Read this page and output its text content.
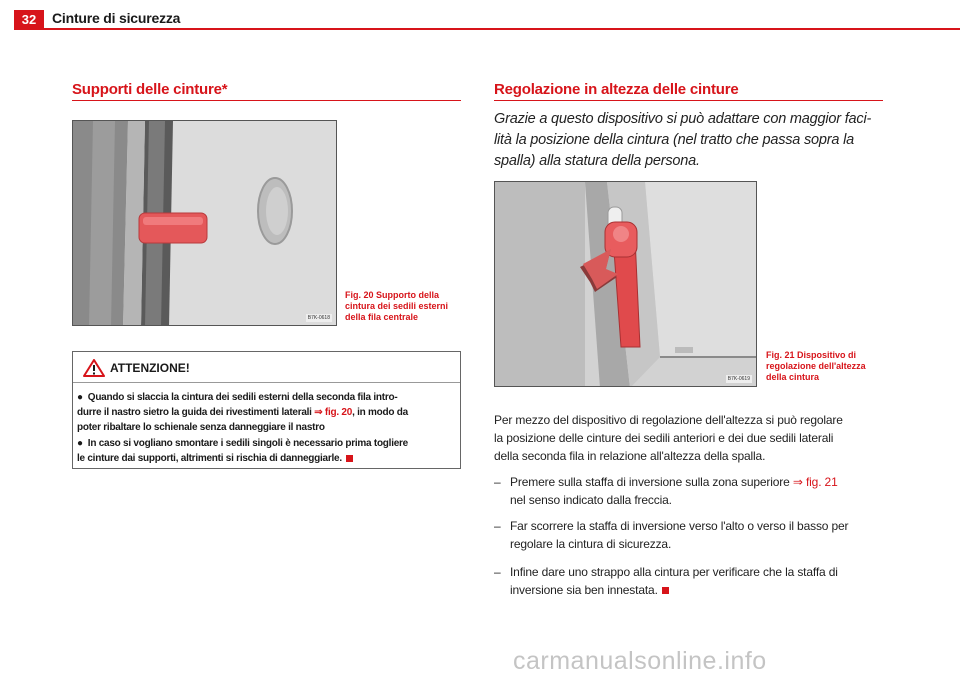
32	Cinture di sicurezza
Supporti delle cinture*
B7K-0618
Fig. 20 Supporto della
cintura dei sedili esterni
della fila centrale
ATTENZIONE!
● Quando si slaccia la cintura dei sedili esterni della seconda fila intro-
durre il nastro sietro la guida dei rivestimenti laterali ⇒ fig. 20, in modo da
poter ribaltare lo schienale senza danneggiare il nastro
● In caso si vogliano smontare i sedili singoli è necessario prima togliere
le cinture dai supporti, altrimenti si rischia di danneggiarle.
Regolazione in altezza delle cinture
Grazie a questo dispositivo si può adattare con maggior faci-
lità la posizione della cintura (nel tratto che passa sopra la
spalla) alla statura della persona.
B7K-0619
Fig. 21 Dispositivo di
regolazione dell'altezza
della cintura
Per mezzo del dispositivo di regolazione dell'altezza si può regolare
la posizione delle cinture dei sedili anteriori e dei due sedili laterali
della seconda fila in relazione all'altezza della spalla.
– Premere sulla staffa di inversione sulla zona superiore ⇒ fig. 21
nel senso indicato dalla freccia.
– Far scorrere la staffa di inversione verso l'alto o verso il basso per
regolare la cintura di sicurezza.
– Infine dare uno strappo alla cintura per verificare che la staffa di
inversione sia ben innestata.
carmanualsonline.info
